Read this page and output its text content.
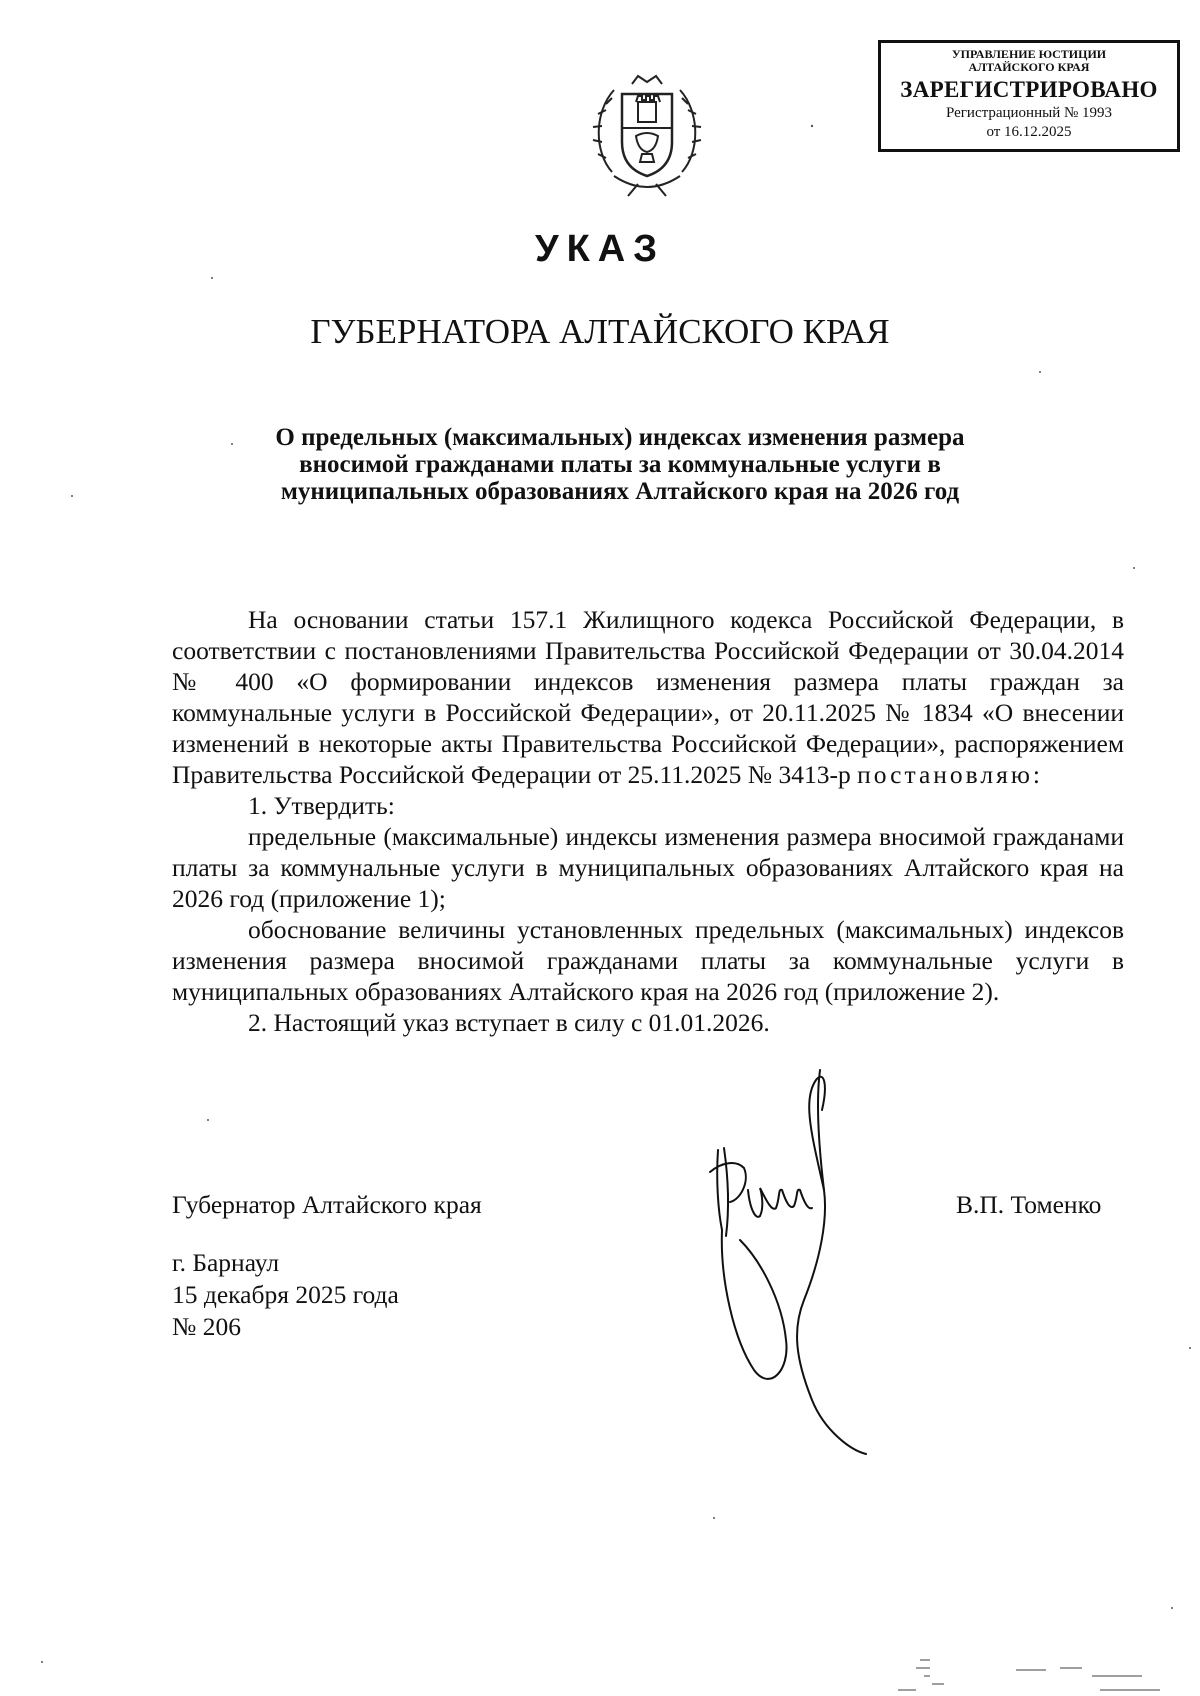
УПРАВЛЕНИЕ ЮСТИЦИИ
АЛТАЙСКОГО КРАЯ
ЗАРЕГИСТРИРОВАНО
Регистрационный № 1993
от 16.12.2025
УКАЗ
ГУБЕРНАТОРА АЛТАЙСКОГО КРАЯ
О предельных (максимальных) индексах изменения размера
вносимой гражданами платы за коммунальные услуги в
муниципальных образованиях Алтайского края на 2026 год

На основании статьи 157.1 Жилищного кодекса Российской Федерации, в соответствии с постановлениями Правительства Российской Федерации от 30.04.2014 № 400 «О формировании индексов изменения размера платы граждан за коммунальные услуги в Российской Федерации», от 20.11.2025 № 1834 «О внесении изменений в некоторые акты Правительства Российской Федерации», распоряжением Правительства Российской Федерации от 25.11.2025 № 3413-р постановляю:

1. Утвердить:

предельные (максимальные) индексы изменения размера вносимой гражданами платы за коммунальные услуги в муниципальных образованиях Алтайского края на 2026 год (приложение 1);

обоснование величины установленных предельных (максимальных) индексов изменения размера вносимой гражданами платы за коммунальные услуги в муниципальных образованиях Алтайского края на 2026 год (приложение 2).

2. Настоящий указ вступает в силу с 01.01.2026.

Губернатор Алтайского края	В.П. Томенко
г. Барнаул
15 декабря 2025 года
№ 206
